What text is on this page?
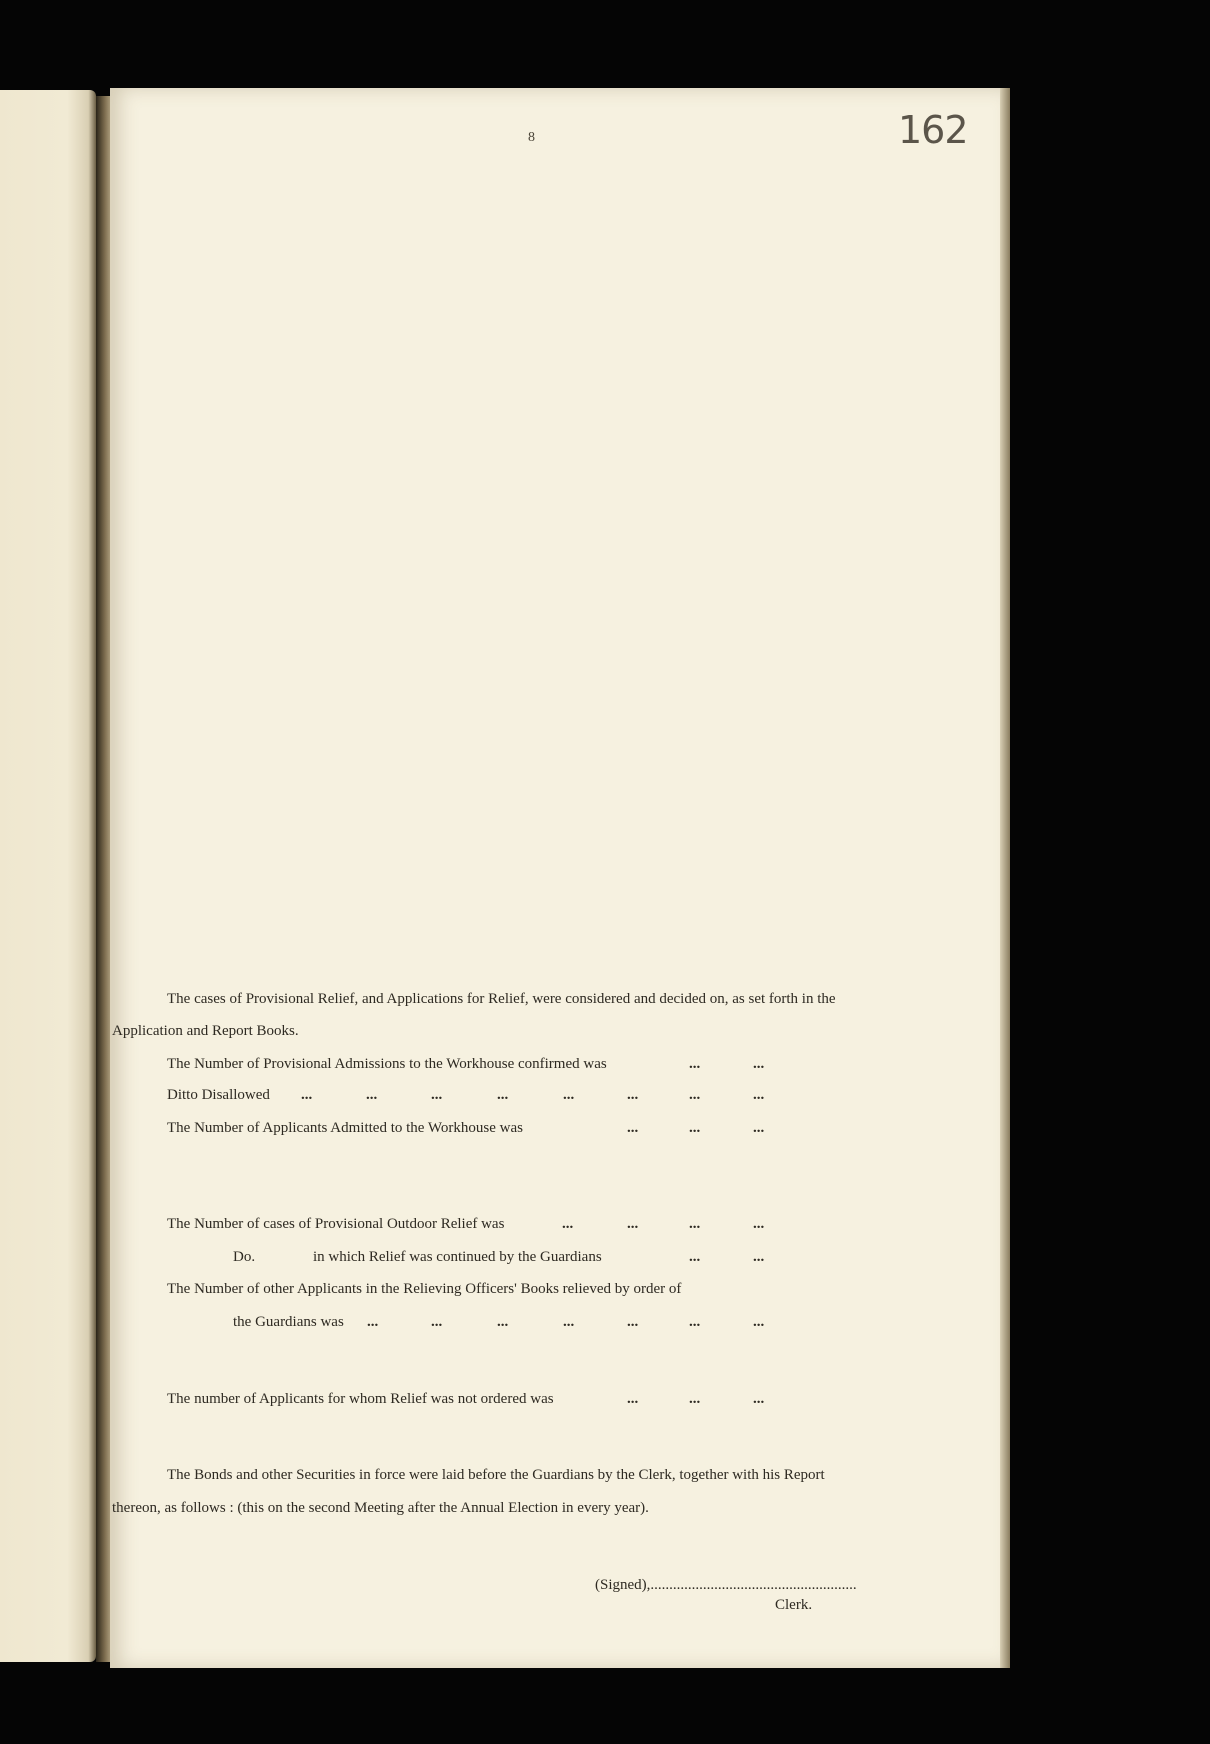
8	162
The cases of Provisional Relief, and Applications for Relief, were considered and decided on, as set forth in the
Application and Report Books.
The Number of Provisional Admissions to the Workhouse confirmed was	...	...
Ditto Disallowed ...	...	...	...	...	...	...	...
The Number of Applicants Admitted to the Workhouse was	...	...	...
The Number of cases of Provisional Outdoor Relief was	...	...	...	...
Do.	in which Relief was continued by the Guardians	...	...
The Number of other Applicants in the Relieving Officers' Books relieved by order of
the Guardians was ...	...	...	...	...	...	...
The number of Applicants for whom Relief was not ordered was	...	...	...
The Bonds and other Securities in force were laid before the Guardians by the Clerk, together with his Report
thereon, as follows : (this on the second Meeting after the Annual Election in every year).
(Signed),.......................................................
Clerk.
